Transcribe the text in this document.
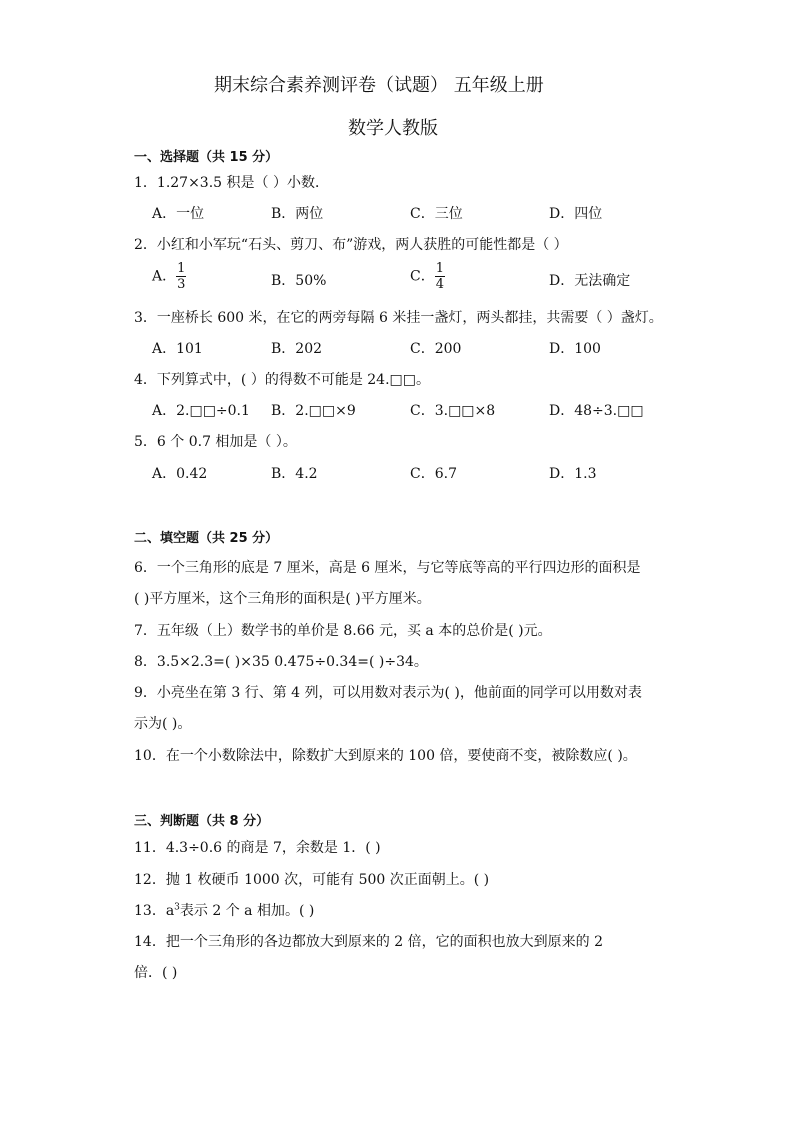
期末综合素养测评卷（试题） 五年级上册
数学人教版
一、选择题（共 15 分）
1．1.27×3.5 积是（ ）小数．
A．一位	B．两位	C．三位	D．四位
2．小红和小军玩“石头、剪刀、布”游戏，两人获胜的可能性都是（ ）
A． $\frac{1}{3}$	B．50%	C． $\frac{1}{4}$	D．无法确定
3．一座桥长 600 米，在它的两旁每隔 6 米挂一盏灯，两头都挂，共需要（ ）盏灯。
A．101	B．202	C．200	D．100
4．下列算式中，( ）的得数不可能是 24.□□。
A．2.□□÷0.1 B．2.□□×9	C．3.□□×8	D．48÷3.□□
5．6 个 0.7 相加是（ ）。
A．0.42	B．4.2	C．6.7	D．1.3
二、填空题（共 25 分）
6．一个三角形的底是 7 厘米，高是 6 厘米，与它等底等高的平行四边形的面积是
( )平方厘米，这个三角形的面积是( )平方厘米。
7．五年级（上）数学书的单价是 8.66 元，买 a 本的总价是( )元。
8．3.5×2.3=( )×35 0.475÷0.34=( )÷34。
9．小亮坐在第 3 行、第 4 列，可以用数对表示为( )，他前面的同学可以用数对表
示为( )。
10．在一个小数除法中，除数扩大到原来的 100 倍，要使商不变，被除数应( )。
三、判断题（共 8 分）
11．4.3÷0.6 的商是 7，余数是 1．( )
12．抛 1 枚硬币 1000 次，可能有 500 次正面朝上。( )
13．$a^3$表示 2 个 a 相加。( )
14．把一个三角形的各边都放大到原来的 2 倍，它的面积也放大到原来的 2
倍．( )
